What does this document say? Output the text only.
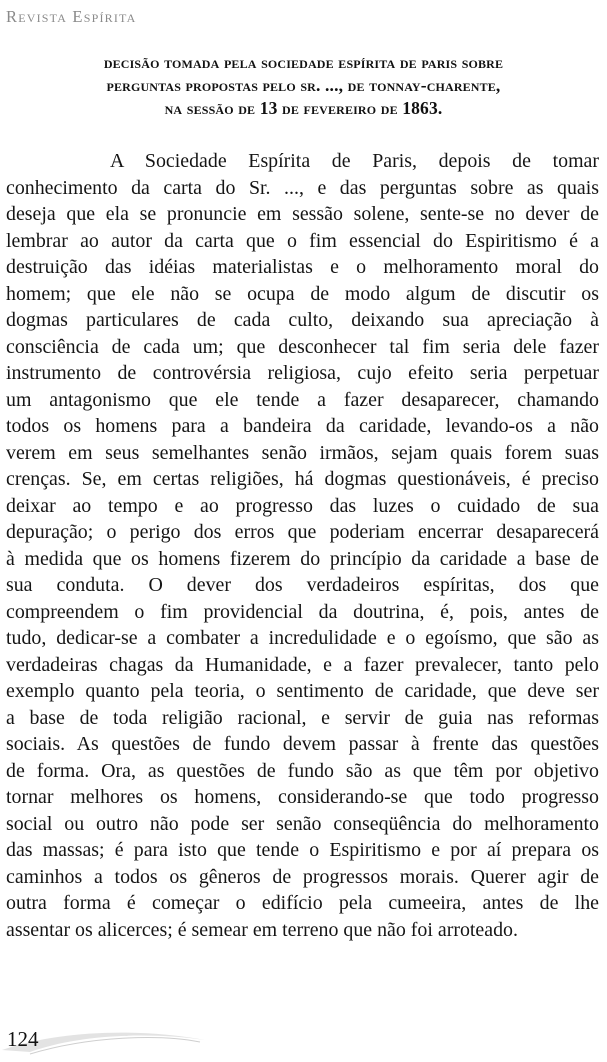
Revista Espírita
decisão tomada pela sociedade espírita de paris sobre
perguntas propostas pelo sr. ..., de tonnay-charente,
na sessão de 13 de fevereiro de 1863.
A Sociedade Espírita de Paris, depois de tomar
conhecimento da carta do Sr. ..., e das perguntas sobre as quais
deseja que ela se pronuncie em sessão solene, sente-se no dever de
lembrar ao autor da carta que o fim essencial do Espiritismo é a
destruição das idéias materialistas e o melhoramento moral do
homem; que ele não se ocupa de modo algum de discutir os
dogmas particulares de cada culto, deixando sua apreciação à
consciência de cada um; que desconhecer tal fim seria dele fazer
instrumento de controvérsia religiosa, cujo efeito seria perpetuar
um antagonismo que ele tende a fazer desaparecer, chamando
todos os homens para a bandeira da caridade, levando-os a não
verem em seus semelhantes senão irmãos, sejam quais forem suas
crenças. Se, em certas religiões, há dogmas questionáveis, é preciso
deixar ao tempo e ao progresso das luzes o cuidado de sua
depuração; o perigo dos erros que poderiam encerrar desaparecerá
à medida que os homens fizerem do princípio da caridade a base de
sua conduta. O dever dos verdadeiros espíritas, dos que
compreendem o fim providencial da doutrina, é, pois, antes de
tudo, dedicar-se a combater a incredulidade e o egoísmo, que são as
verdadeiras chagas da Humanidade, e a fazer prevalecer, tanto pelo
exemplo quanto pela teoria, o sentimento de caridade, que deve ser
a base de toda religião racional, e servir de guia nas reformas
sociais. As questões de fundo devem passar à frente das questões
de forma. Ora, as questões de fundo são as que têm por objetivo
tornar melhores os homens, considerando-se que todo progresso
social ou outro não pode ser senão conseqüência do melhoramento
das massas; é para isto que tende o Espiritismo e por aí prepara os
caminhos a todos os gêneros de progressos morais. Querer agir de
outra forma é começar o edifício pela cumeeira, antes de lhe
assentar os alicerces; é semear em terreno que não foi arroteado.
124
